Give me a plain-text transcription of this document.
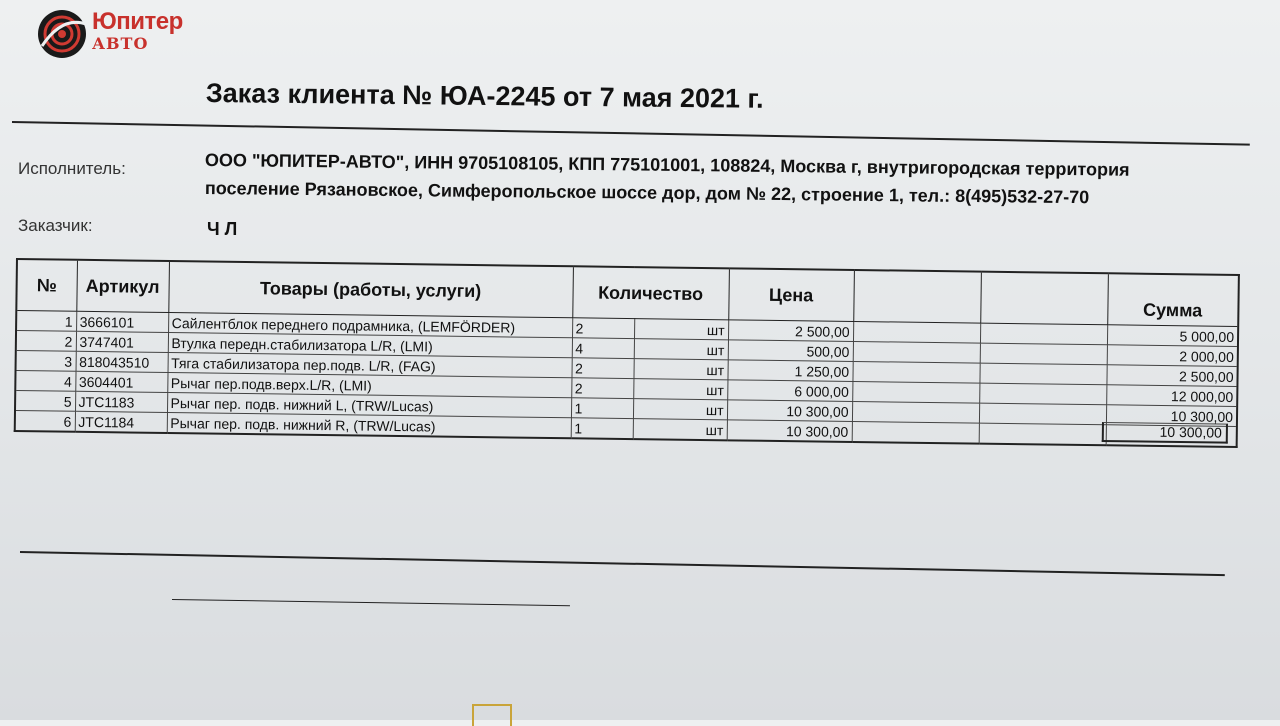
Юпитер
АВТО
Заказ клиента № ЮА-2245 от 7 мая 2021 г.
Исполнитель:	ООО "ЮПИТЕР-АВТО", ИНН 9705108105, КПП 775101001, 108824, Москва г, внутригородская территория
поселение Рязановское, Симферопольское шоссе дор, дом № 22, строение 1, тел.: 8(495)532-27-70
Заказчик:	Ч Л
№	Артикул	Товары (работы, услуги)	Количество		Цена			Сумма
1	3666101	Сайлентблок переднего подрамника, (LEMFÖRDER)	2	шт	2 500,00			5 000,00
2	3747401	Втулка передн.стабилизатора L/R, (LMI)	4	шт	500,00			2 000,00
3	818043510	Тяга стабилизатора пер.подв. L/R, (FAG)	2	шт	1 250,00			2 500,00
4	3604401	Рычаг пер.подв.верх.L/R, (LMI)	2	шт	6 000,00			12 000,00
5	JTC1183	Рычаг пер. подв. нижний L, (TRW/Lucas)	1	шт	10 300,00			10 300,00
6	JTC1184	Рычаг пер. подв. нижний R, (TRW/Lucas)	1	шт	10 300,00				10 300,00
